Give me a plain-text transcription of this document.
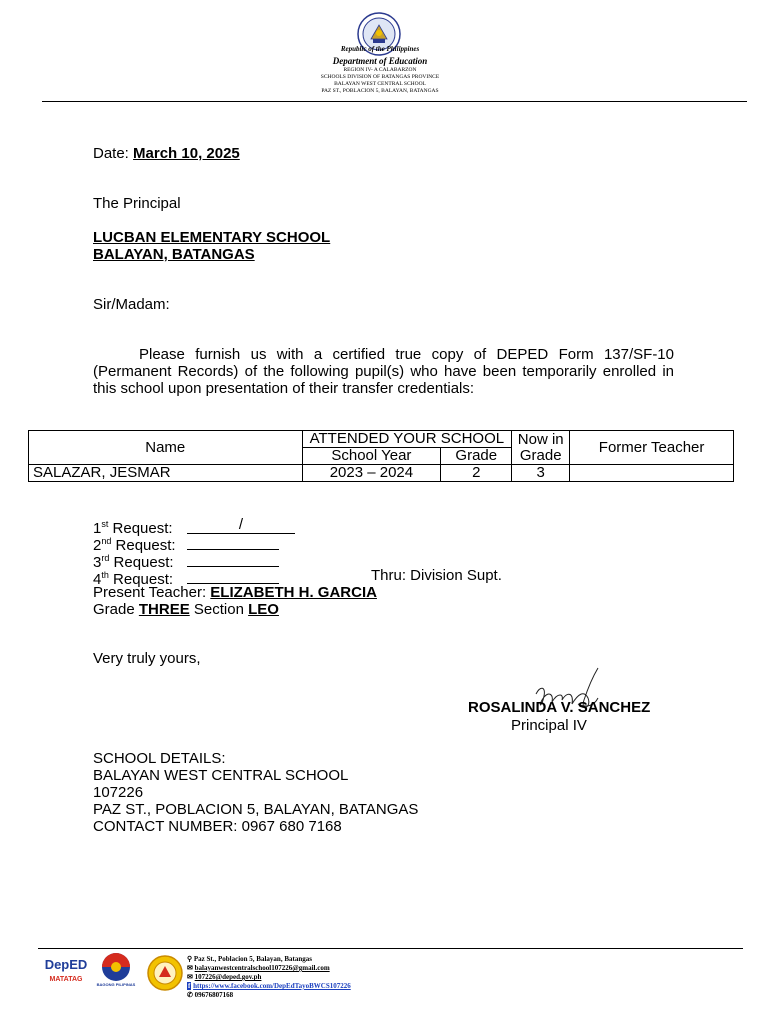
Republic of the Philippines
Department of Education
REGION IV- A CALABARZON
SCHOOLS DIVISION OF BATANGAS PROVINCE
BALAYAN WEST CENTRAL SCHOOL
PAZ ST., POBLACION 5, BALAYAN, BATANGAS
Date: March 10, 2025
The Principal
LUCBAN ELEMENTARY SCHOOL
BALAYAN, BATANGAS
Sir/Madam:
Please furnish us with a certified true copy of DEPED Form 137/SF-10 (Permanent Records) of the following pupil(s) who have been temporarily enrolled in this school upon presentation of their transfer credentials:
Name	ATTENDED YOUR SCHOOL		Now in Grade	Former Teacher
	School Year	Grade		
SALAZAR, JESMAR	2023 – 2024	2	3	
1st Request:	/
2nd Request:
3rd Request:
4th Request:	Thru: Division Supt.
Present Teacher: ELIZABETH H. GARCIA
Grade THREE Section LEO
Very truly yours,
ROSALINDA V. SANCHEZ
Principal IV
SCHOOL DETAILS:
BALAYAN WEST CENTRAL SCHOOL
107226
PAZ ST., POBLACION 5, BALAYAN, BATANGAS
CONTACT NUMBER: 0967 680 7168
DepED
MATATAG
BAGONG PILIPINAS
⚲ Paz St., Poblacion 5, Balayan, Batangas
✉ balayanwestcentralschool107226@gmail.com
✉ 107226@deped.gov.ph
f https://www.facebook.com/DepEdTayoBWCS107226
✆ 09676807168
